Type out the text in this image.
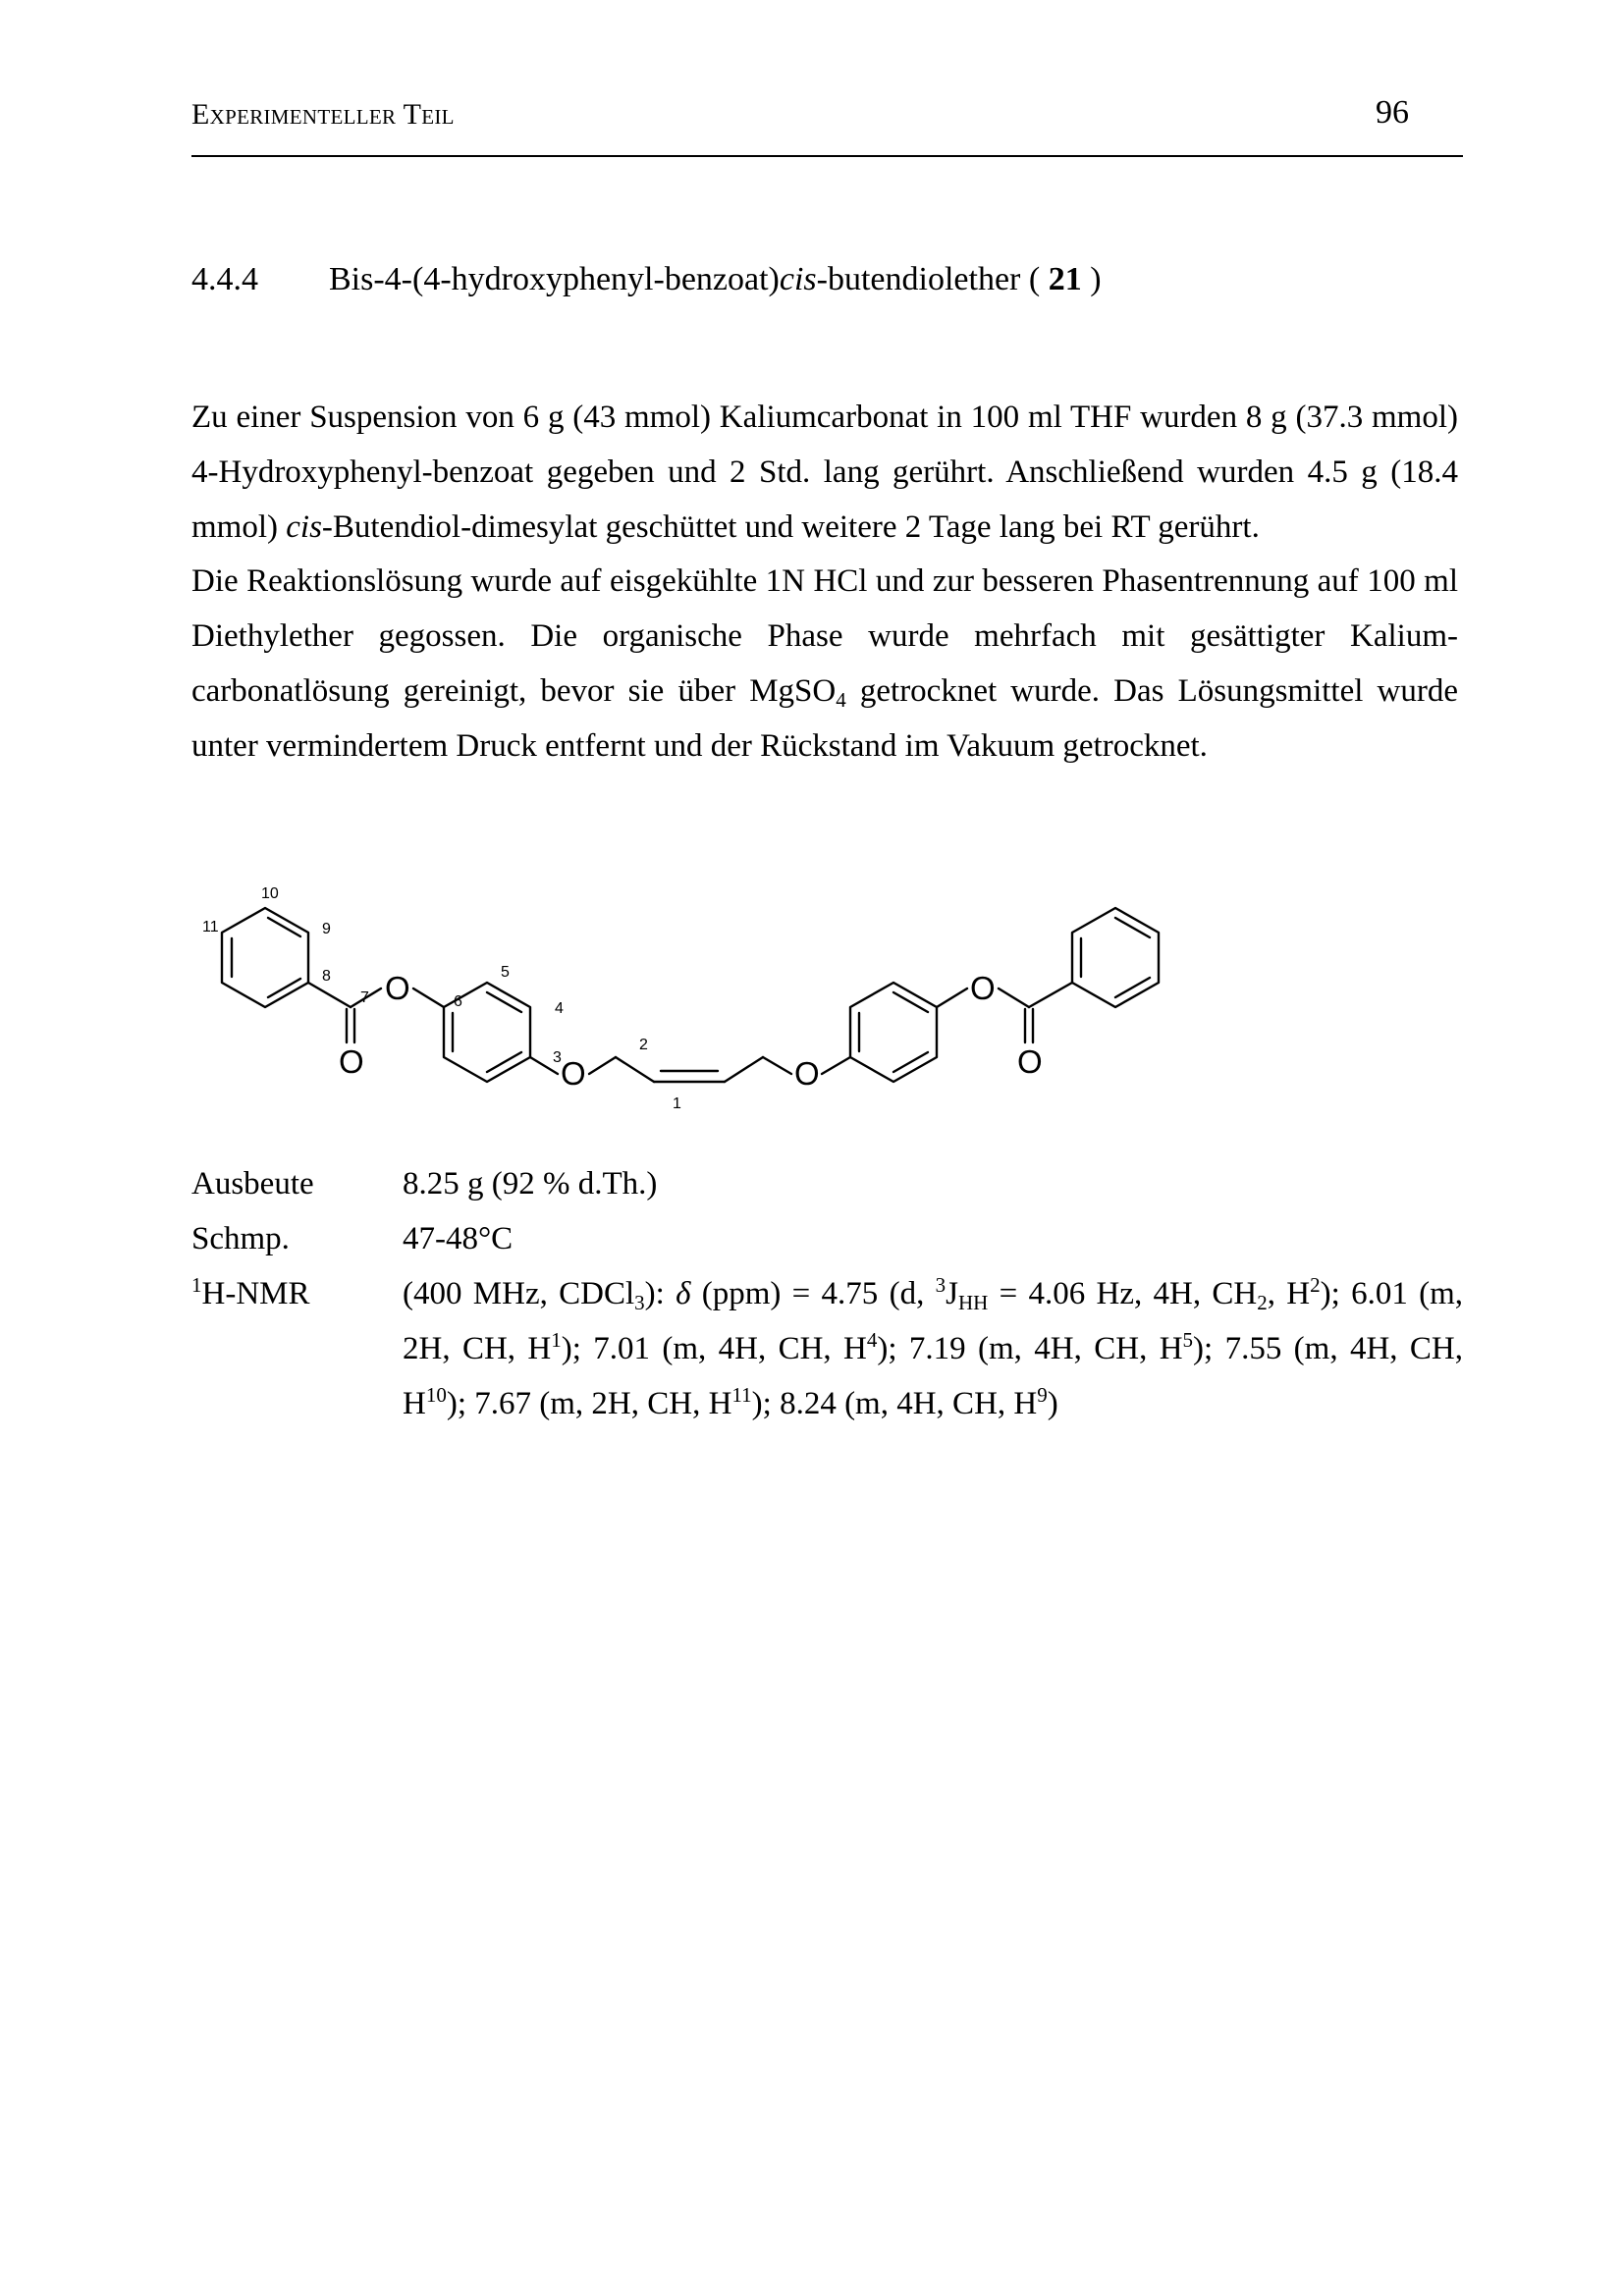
Experimenteller Teil	96
4.4.4 Bis-4-(4-hydroxyphenyl-benzoat)cis-butendiolether ( 21 )

Zu einer Suspension von 6 g (43 mmol) Kaliumcarbonat in 100 ml THF wurden 8 g (37.3 mmol) 4-Hydroxyphenyl-benzoat gegeben und 2 Std. lang gerührt. Anschließend wurden 4.5 g (18.4 mmol) cis-Butendiol-dimesylat geschüttet und weitere 2 Tage lang bei RT gerührt.

Die Reaktionslösung wurde auf eisgekühlte 1N HCl und zur besseren Phasentrennung auf 100 ml Diethylether gegossen. Die organische Phase wurde mehrfach mit gesättigter Kalium-carbonatlösung gereinigt, bevor sie über MgSO$_4$ getrocknet wurde. Das Lösungsmittel wurde unter vermindertem Druck entfernt und der Rückstand im Vakuum getrocknet.

O
O	O	O
O
O
10
11	9
8
7	6
5
4
3
2
1
Ausbeute	8.25 g (92 % d.Th.)
Schmp.	47-48°C
$^1$H-NMR	(400 MHz, CDCl$_3$): δ (ppm) = 4.75 (d, $^3J_{HH} = 4.06$ Hz, 4H, $CH_2$, $H^2$); 6.01 (m, 2H, CH, $H^1$); 7.01 (m, 4H, CH, $H^4$); 7.19 (m, 4H, CH, $H^5$); 7.55 (m, 4H, CH, $H^{10}$); 7.67 (m, 2H, CH, $H^{11}$); 8.24 (m, 4H, CH, $H^9$)
